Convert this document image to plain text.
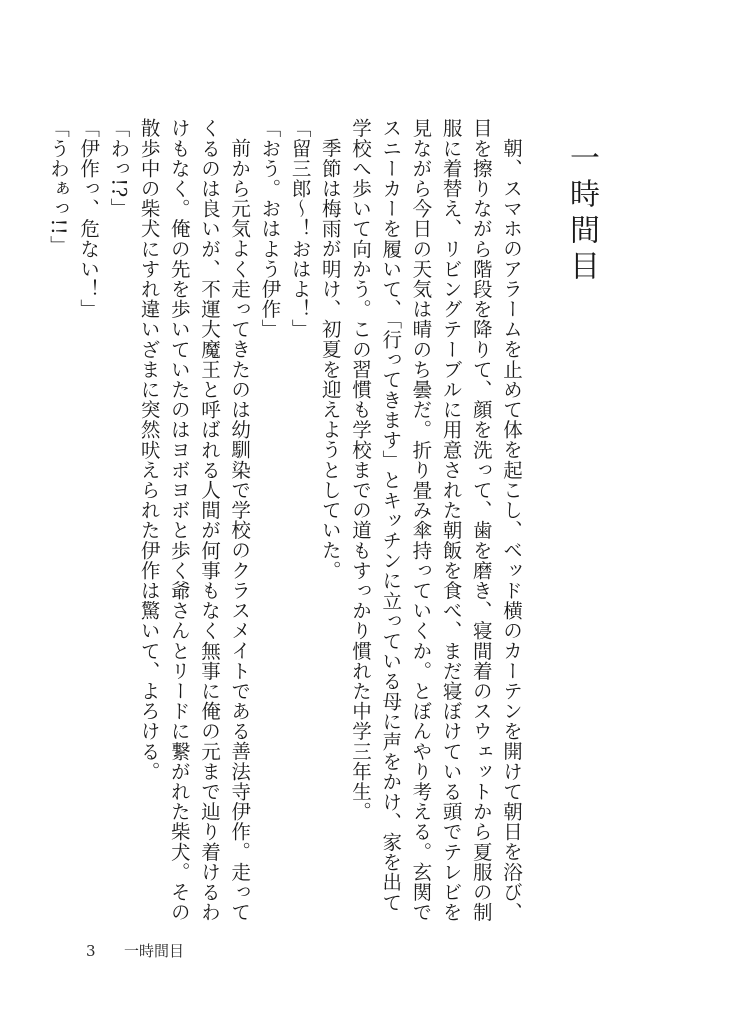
一時間目

朝、スマホのアラームを止めて体を起こし、ベッド横のカーテンを開けて朝日を浴び、目を擦りながら階段を降りて、顔を洗って、歯を磨き、寝間着のスウェットから夏服の制服に着替え、リビングテーブルに用意された朝飯を食べ、まだ寝ぼけている頭でテレビを見ながら今日の天気は晴のち曇だ。折り畳み傘持っていくか。とぼんやり考える。玄関でスニーカーを履いて、「行ってきます」とキッチンに立っている母に声をかけ、家を出て学校へ歩いて向かう。この習慣も学校までの道もすっかり慣れた中学三年生。

季節は梅雨が明け、初夏を迎えようとしていた。

「留三郎〜！おはよ！」

「おう。おはよう伊作」

前から元気よく走ってきたのは幼馴染で学校のクラスメイトである善法寺伊作。走ってくるのは良いが、不運大魔王と呼ばれる人間が何事もなく無事に俺の元まで辿り着けるわけもなく。俺の先を歩いていたのはヨボヨボと歩く爺さんとリードに繋がれた柴犬。その散歩中の柴犬にすれ違いざまに突然吠えられた伊作は驚いて、よろける。

「わっ!?」

「伊作っ、危ない！」

「うわぁっ!!」

3 一時間目
